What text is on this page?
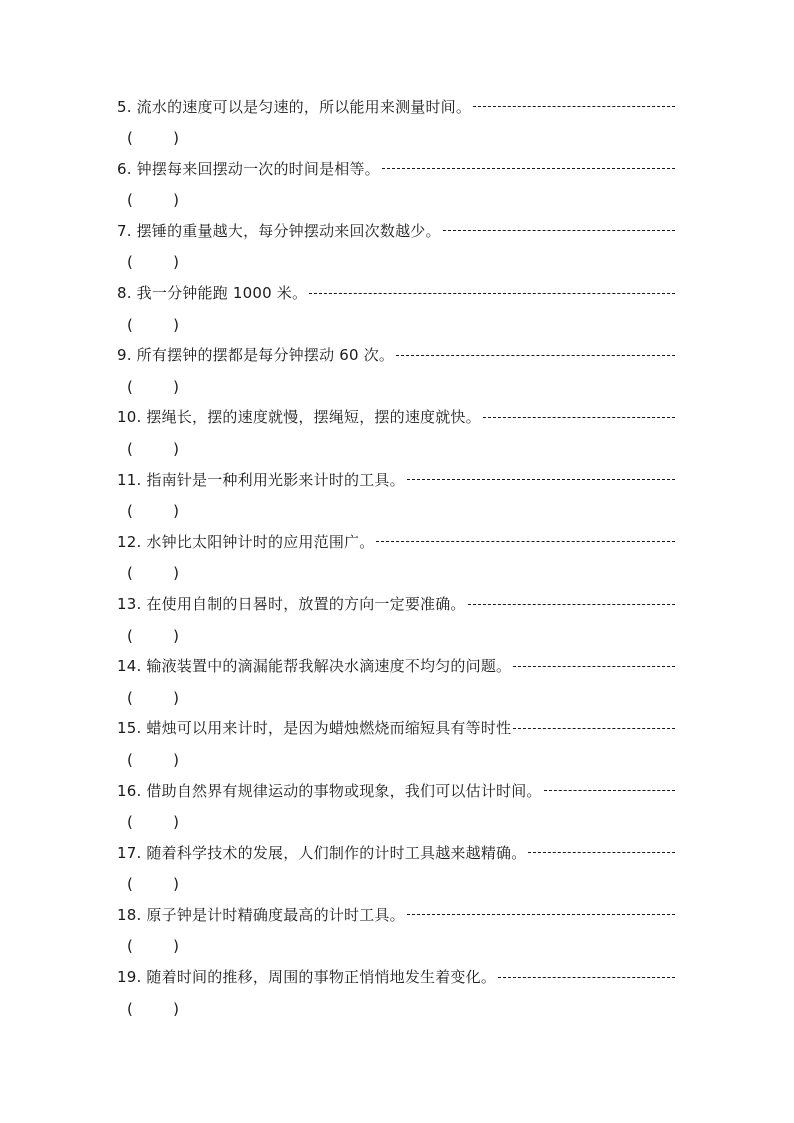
5. 流水的速度可以是匀速的，所以能用来测量时间。
(	)
6. 钟摆每来回摆动一次的时间是相等。
(	)
7. 摆锤的重量越大，每分钟摆动来回次数越少。
(	)
8. 我一分钟能跑 1000 米。
(	)
9. 所有摆钟的摆都是每分钟摆动 60 次。
(	)
10. 摆绳长，摆的速度就慢，摆绳短，摆的速度就快。
(	)
11. 指南针是一种利用光影来计时的工具。
(	)
12. 水钟比太阳钟计时的应用范围广。
(	)
13. 在使用自制的日晷时，放置的方向一定要准确。
(	)
14. 输液装置中的滴漏能帮我解决水滴速度不均匀的问题。
(	)
15. 蜡烛可以用来计时，是因为蜡烛燃烧而缩短具有等时性
(	)
16. 借助自然界有规律运动的事物或现象，我们可以估计时间。
(	)
17. 随着科学技术的发展，人们制作的计时工具越来越精确。
(	)
18. 原子钟是计时精确度最高的计时工具。
(	)
19. 随着时间的推移，周围的事物正悄悄地发生着变化。
(	)
